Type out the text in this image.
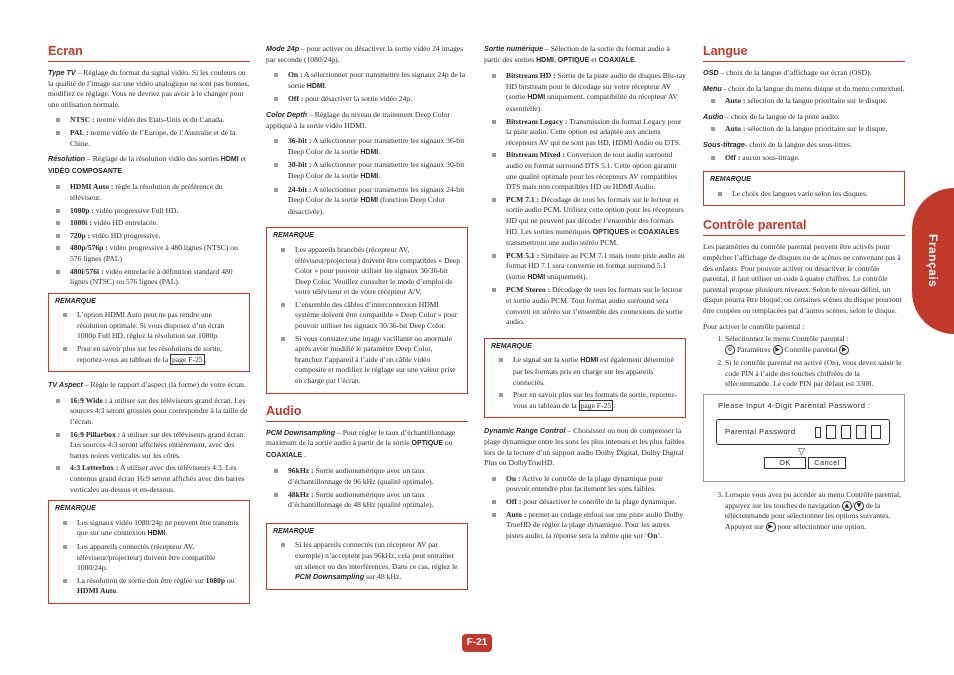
Ecran

Type TV – Réglage du format du signal vidéo. Si les couleurs ou la qualité de l’image sur une vidéo analogique ne sont pas bonnes, modifiez ce réglage. Vous ne devriez pas avoir à le changer pour une utilisation normale.

NTSC : norme vidéo des Etats-Unis et du Canada.
PAL : norme vidéo de l’Europe, de l’Australie et de la Chine.

Résolution – Réglage de la résolution vidéo des sorties HDMI et VIDÉO COMPOSANTE.

HDMI Auto : règle la résolution de préférence du téléviseur.
1080p : vidéo progressive Full HD.
1080i : vidéo HD entrelacée.
720p : vidéo HD progressive.
480p/576p : vidéo progressive à 480 lignes (NTSC) ou 576 lignes (PAL)
480i/576i : vidéo entrelacée à définition standard 480 lignes (NTSC) ou 576 lignes (PAL).
REMARQUE
L’option HDMI Auto peut ne pas rendre une résolution optimale. Si vous disposez d’un écran 1080p Full HD, réglez la résolution sur 1080p.
Pour en savoir plus sur les résolutions de sortie, reportez-vous au tableau de la page F-25 .

TV Aspect – Règle le rapport d’aspect (la forme) de votre écran.

16:9 Wide : à utiliser sur des téléviseurs grand écran. Les sources 4:3 seront grossies pour correspondre à la taille de l’écran.
16:9 Pillarbox : à utiliser sur des téléviseurs grand écran. Les sources 4:3 seront affichées entièrement, avec des barres noires verticales sur les côtés.
4:3 Letterbox : A utiliser avec des téléviseurs 4:3. Les contenus grand écran 16:9 seront affichés avec des barres verticales au-dessus et en-dessous.
REMARQUE
Les signaux vidéo 1080/24p ne peuvent être transmis que sur une connexion HDMI.
Les appareils connectés (récepteur AV, téléviseur/projecteur) doivent être compatible 1080/24p.
La résolution de sortie doit être réglée sur 1080p ou HDMI Auto.

Mode 24p – pour activer ou désactiver la sortie vidéo 24 images par seconde (1080/24p).

On : A sélectionner pour transmettre les signaux 24p de la sortie HDMI.
Off : pour désactiver la sortie vidéo 24p.

Color Depth – Réglage du niveau de traitement Deep Color appliqué à la sortie vidéo HDMI.

36-bit : A sélectionner pour transmettre les signaux 36-bit Deep Color de la sortie HDMI.
30-bit : A sélectionner pour transmettre les signaux 30-bit Deep Color de la sortie HDMI.
24-bit : A sélectionner pour transmettre les signaux 24-bit Deep Color de la sortie HDMI (fonction Deep Color désactivée).
REMARQUE
Les appareils branchés (récepteur AV, téléviseur/projecteur) doivent être compatibles « Deep Color » pour pouvoir utiliser les signaux 30/36-bit Deep Color. Veuillez consulter le mode d’emploi de votre téléviseur et de votre récepteur A/V.
L’ensemble des câbles d’interconnexion HDMI système doivent être compatible « Deep Color » pour pouvoir utiliser les signaux 30/36-bit Deep Color.
Si vous constatez une image vacillante ou anormale après avoir modifié le paramètre Deep Color, branchez l’appareil à l’aide d’un câble vidéo composite et modifiez le réglage sur une valeur prise en charge par l’écran.
Audio

PCM Downsampling – Pour régler le taux d’échantillonnage maximum de la sortie audio à partir de la sortie OPTIQUE ou COAXIALE .

96kHz : Sortie audionumérique avec un taux d’échantillonnage de 96 kHz (qualité optimale).
48kHz : Sortie audionumérique avec un taux d’échantillonnage de 48 kHz (qualité optimale).
REMARQUE
Si les appareils connectés (un récepteur AV par exemple) n’acceptent pas 96kHz, cela peut entrainer un silence ou des interférences. Dans ce cas, réglez le PCM Downsampling sur 48 kHz.

Sortie numérique – Sélection de la sortie du format audio à partir des sorties HDMI, OPTIQUE et COAXIALE.

Bitstream HD : Sortie de la piste audio de disques Blu-ray HD bitstream pour le décodage sur votre récepteur AV (sortie HDMI uniquement, compatibilité du récepteur AV essentielle).
Bitstream Legacy : Transmission du format Legacy pour la piste audio. Cette option est adaptée aux anciens récepteurs AV qui ne sont pas HD, HDMI Audio ou DTS.
Bitstream Mixed : Conversion de tout audio surround audio en format surround DTS 5.1. Cette option garantit une qualité optimale pour les récepteurs AV compatibles DTS mais non compatibles HD ou HDMI Audio.
PCM 7.1 : Décodage de tous les formats sur le lecteur et sortie audio PCM. Utilisez cette option pour les récepteurs HD qui ne peuvent pas décoder l’ensemble des formats HD. Les sorties numériques OPTIQUES et COAXIALES transmettront une audio stéréo PCM.
PCM 5.1 : Similaire au PCM 7.1 mais toute piste audio au format HD 7.1 sera convertie en format surround 5.1 (sortie HDMI uniquement).
PCM Stereo : Décodage de tous les formats sur le lecteur et sortie audio PCM. Tout format audio surround sera converti en stéréo sur l’ensemble des connexions de sortie audio.
REMARQUE
Le signal sur la sortie HDMI est également déterminé par les formats pris en charge sur les appareils connectés.
Pour en savoir plus sur les formats de sortie, reportez-vous au tableau de la page F-25 .

Dynamic Range Control – Choisissez ou non de compresser la plage dynamique entre les sons les plus intenses et les plus faibles lors de la lecture d’un support audio Dolby Digital, Dolby Digital Plus ou DolbyTrueHD.

On : Active le contrôle de la plage dynamique pour pouvoir entendre plus facilement les sons faibles.
Off : pour désactiver le contrôle de la plage dynamique.
Auto : permet au codage enfoui sur une piste audio Dolby TrueHD de régler la plage dynamique. Pour les autres pistes audio, la réponse sera la même que sur ‘On’.
Langue

OSD – choix de la langue d’affichage sur écran (OSD).

Menu - choix de la langue du menu disque et du menu contextuel.

Auto : sélection de la langue prioritaire sur le disque.

Audio – choix de la langue de la piste audio.

Auto : sélection de la langue prioritaire sur le disque.

Sous-titrage- choix de la langue des sous-titres.

Off : aucun sous-titrage.
REMARQUE
Le choix des langues varie selon les disques.
Contrôle parental

Les paramètres du contrôle parental peuvent être activés pour empêcher l’affichage de disques ou de scènes ne convenant pas à des enfants. Pour pouvoir activer ou désactiver le contrôle parental, il faut utiliser un code à quatre chiffres. Le contrôle parental propose plusieurs niveaux. Selon le niveau défini, un disque pourra être bloqué, ou certaines scènes du disque pourront être coupées ou remplacées par d’autres scènes, selon le disque.

Pour activer le contrôle parental :

1. Sélectionnez le menu Contrôle parental :
⚙ Paramètres ▶ Contrôle parental ▶
2. Si le contrôle parental est activé (On), vous devez saisir le code PIN à l’aide des touches chiffrées de la télécommande. Le code PIN par défaut est 3308.
Please Input 4-Digit Parental Password :
Parental Password

▽
OK	Cancel
3. Lorsque vous avez pu accéder au menu Contrôle parental, appuyez sur les touches de navigation ▲ / ▼ de la télécommande pour sélectionner les options suivantes. Appuyez sur ▶ pour sélectionner une option.
Français
F-21
